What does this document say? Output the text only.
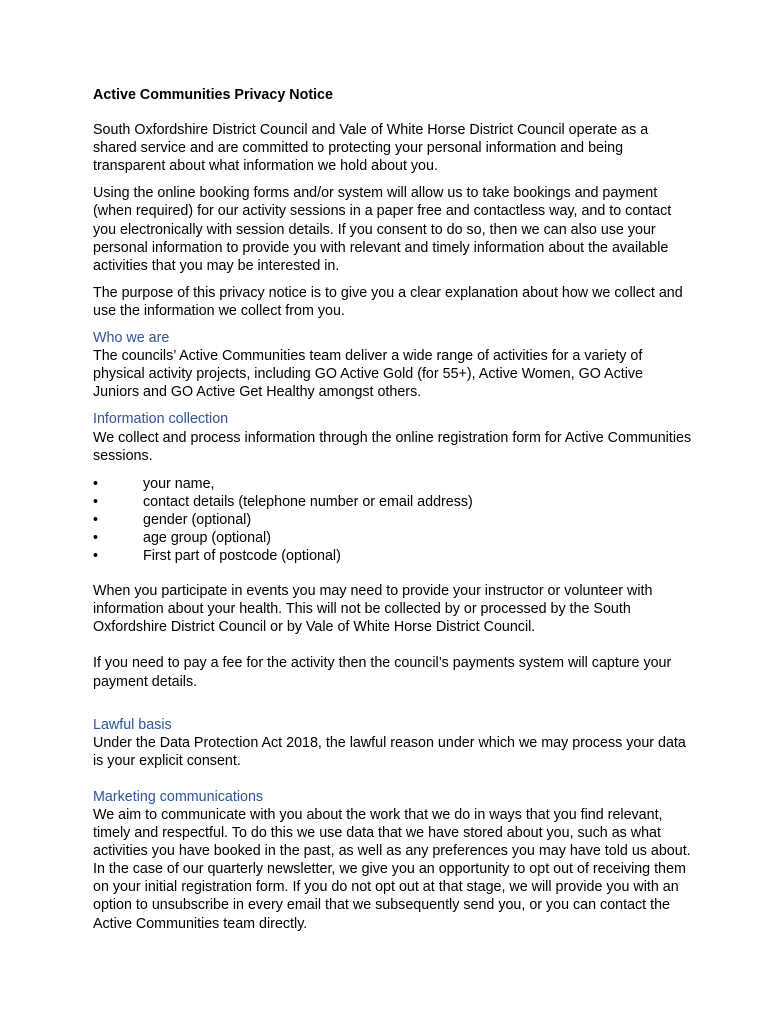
Active Communities Privacy Notice

South Oxfordshire District Council and Vale of White Horse District Council operate as a shared service and are committed to protecting your personal information and being transparent about what information we hold about you.

Using the online booking forms and/or system will allow us to take bookings and payment (when required) for our activity sessions in a paper free and contactless way, and to contact you electronically with session details. If you consent to do so, then we can also use your personal information to provide you with relevant and timely information about the available activities that you may be interested in.

The purpose of this privacy notice is to give you a clear explanation about how we collect and use the information we collect from you.

Who we are

The councils’ Active Communities team deliver a wide range of activities for a variety of physical activity projects, including GO Active Gold (for 55+), Active Women, GO Active Juniors and GO Active Get Healthy amongst others.

Information collection

We collect and process information through the online registration form for Active Communities sessions.

•	your name,
•	contact details (telephone number or email address)
•	gender (optional)
•	age group (optional)
•	First part of postcode (optional)

When you participate in events you may need to provide your instructor or volunteer with information about your health. This will not be collected by or processed by the South Oxfordshire District Council or by Vale of White Horse District Council.

If you need to pay a fee for the activity then the council’s payments system will capture your payment details.

Lawful basis

Under the Data Protection Act 2018, the lawful reason under which we may process your data is your explicit consent.

Marketing communications

We aim to communicate with you about the work that we do in ways that you find relevant, timely and respectful. To do this we use data that we have stored about you, such as what activities you have booked in the past, as well as any preferences you may have told us about. In the case of our quarterly newsletter, we give you an opportunity to opt out of receiving them on your initial registration form. If you do not opt out at that stage, we will provide you with an option to unsubscribe in every email that we subsequently send you, or you can contact the Active Communities team directly.
